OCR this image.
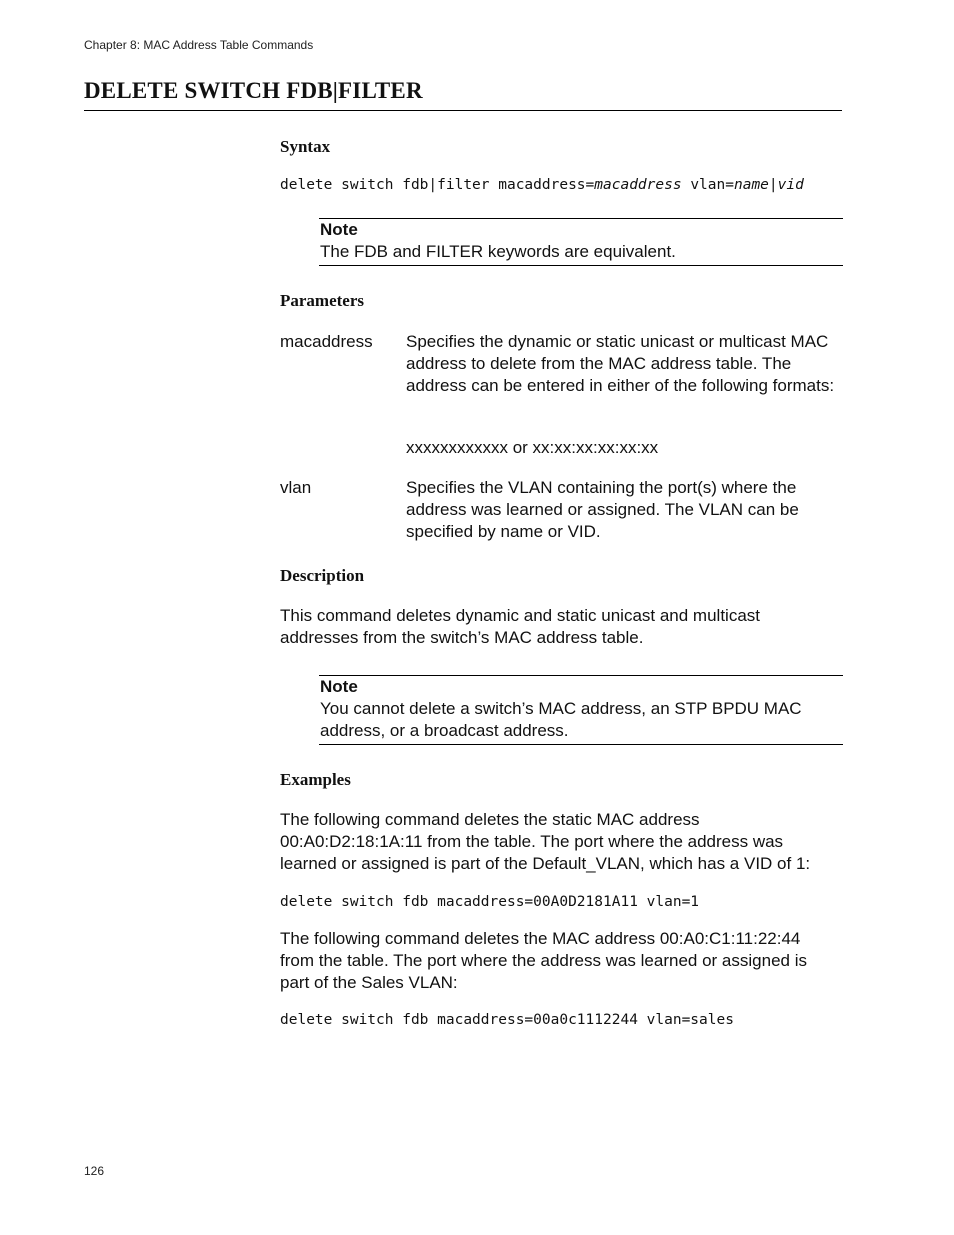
Chapter 8: MAC Address Table Commands
DELETE SWITCH FDB|FILTER
Syntax
delete switch fdb|filter macaddress=macaddress vlan=name|vid
Note
The FDB and FILTER keywords are equivalent.
Parameters
macaddress Specifies the dynamic or static unicast or multicast MAC address to delete from the MAC address table. The address can be entered in either of the following formats:
xxxxxxxxxxxx or xx:xx:xx:xx:xx:xx
vlan	Specifies the VLAN containing the port(s) where the address was learned or assigned. The VLAN can be specified by name or VID.
Description
This command deletes dynamic and static unicast and multicast addresses from the switch’s MAC address table.
Note
You cannot delete a switch’s MAC address, an STP BPDU MAC address, or a broadcast address.
Examples
The following command deletes the static MAC address 00:A0:D2:18:1A:11 from the table. The port where the address was learned or assigned is part of the Default_VLAN, which has a VID of 1:
delete switch fdb macaddress=00A0D2181A11 vlan=1
The following command deletes the MAC address 00:A0:C1:11:22:44 from the table. The port where the address was learned or assigned is part of the Sales VLAN:
delete switch fdb macaddress=00a0c1112244 vlan=sales
126
